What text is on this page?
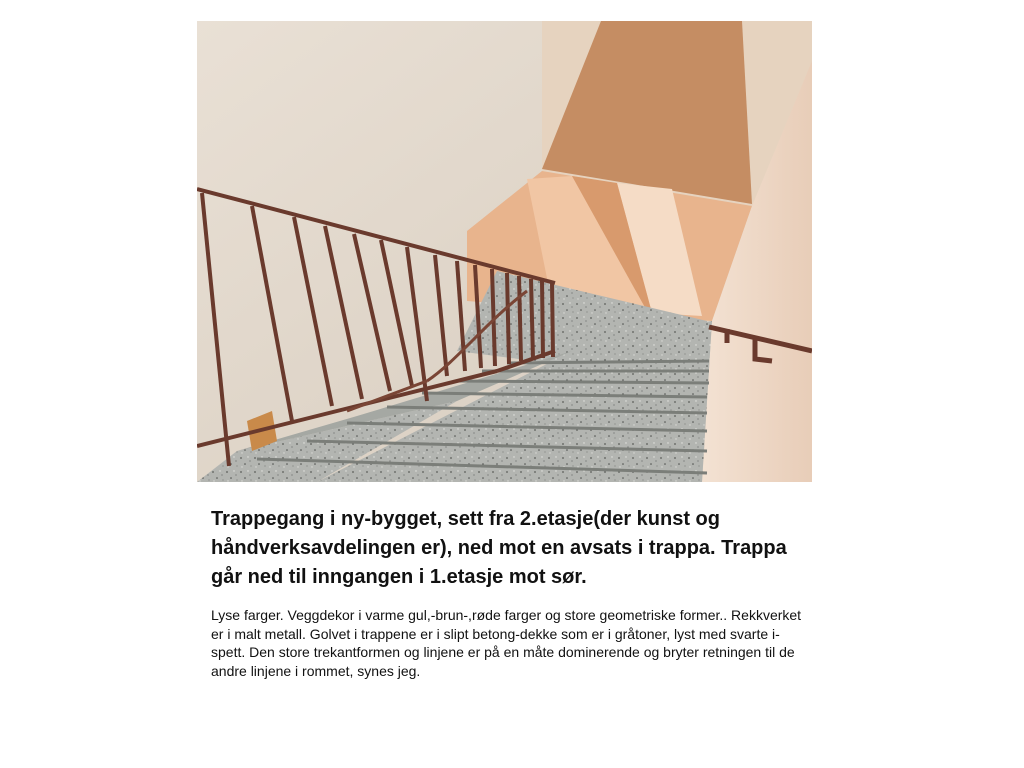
Trappegang i ny-bygget, sett fra 2.etasje(der kunst og håndverksavdelingen er), ned mot en avsats i trappa. Trappa går ned til inngangen i 1.etasje mot sør.

Lyse farger. Veggdekor i varme gul,-brun-,røde farger og store geometriske former.. Rekkverket er i malt metall. Golvet i trappene er i slipt betong-dekke som er i gråtoner, lyst med svarte i-spett. Den store trekantformen og linjene er på en måte dominerende og bryter retningen til de andre linjene i rommet, synes jeg.
